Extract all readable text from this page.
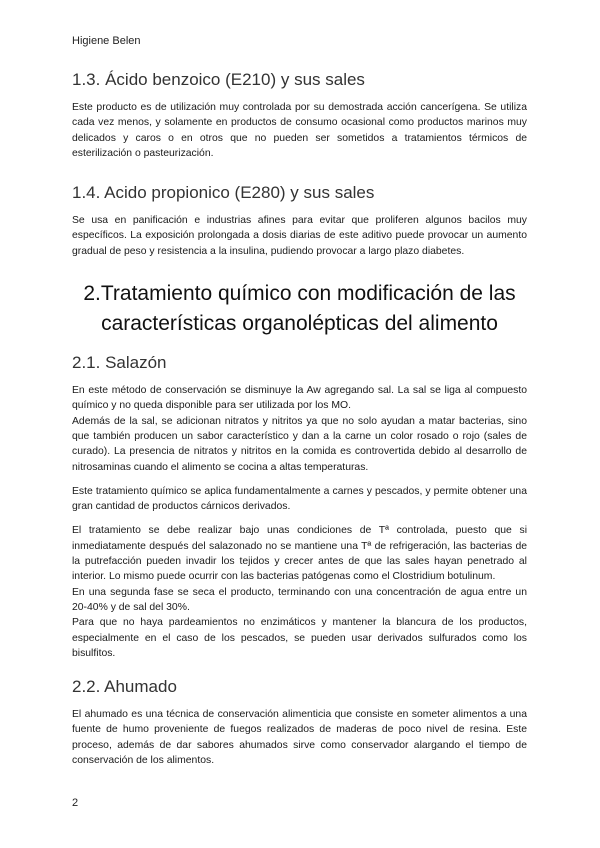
Higiene Belen
1.3. Ácido benzoico (E210) y sus sales

Este producto es de utilización muy controlada por su demostrada acción cancerígena. Se utiliza cada vez menos, y solamente en productos de consumo ocasional como productos marinos muy delicados y caros o en otros que no pueden ser sometidos a tratamientos térmicos de esterilización o pasteurización.

1.4. Acido propionico (E280) y sus sales

Se usa en panificación e industrias afines para evitar que proliferen algunos bacilos muy específicos. La exposición prolongada a dosis diarias de este aditivo puede provocar un aumento gradual de peso y resistencia a la insulina, pudiendo provocar a largo plazo diabetes.

2.Tratamiento químico con modificación de las características organolépticas del alimento
2.1. Salazón

En este método de conservación se disminuye la Aw agregando sal. La sal se liga al compuesto químico y no queda disponible para ser utilizada por los MO.

Además de la sal, se adicionan nitratos y nitritos ya que no solo ayudan a matar bacterias, sino que también producen un sabor característico y dan a la carne un color rosado o rojo (sales de curado). La presencia de nitratos y nitritos en la comida es controvertida debido al desarrollo de nitrosaminas cuando el alimento se cocina a altas temperaturas.

Este tratamiento químico se aplica fundamentalmente a carnes y pescados, y permite obtener una gran cantidad de productos cárnicos derivados.

El tratamiento se debe realizar bajo unas condiciones de Tª controlada, puesto que si inmediatamente después del salazonado no se mantiene una Tª de refrigeración, las bacterias de la putrefacción pueden invadir los tejidos y crecer antes de que las sales hayan penetrado al interior. Lo mismo puede ocurrir con las bacterias patógenas como el Clostridium botulinum.

En una segunda fase se seca el producto, terminando con una concentración de agua entre un 20-40% y de sal del 30%.

Para que no haya pardeamientos no enzimáticos y mantener la blancura de los productos, especialmente en el caso de los pescados, se pueden usar derivados sulfurados como los bisulfitos.

2.2. Ahumado

El ahumado es una técnica de conservación alimenticia que consiste en someter alimentos a una fuente de humo proveniente de fuegos realizados de maderas de poco nivel de resina. Este proceso, además de dar sabores ahumados sirve como conservador alargando el tiempo de conservación de los alimentos.

2
